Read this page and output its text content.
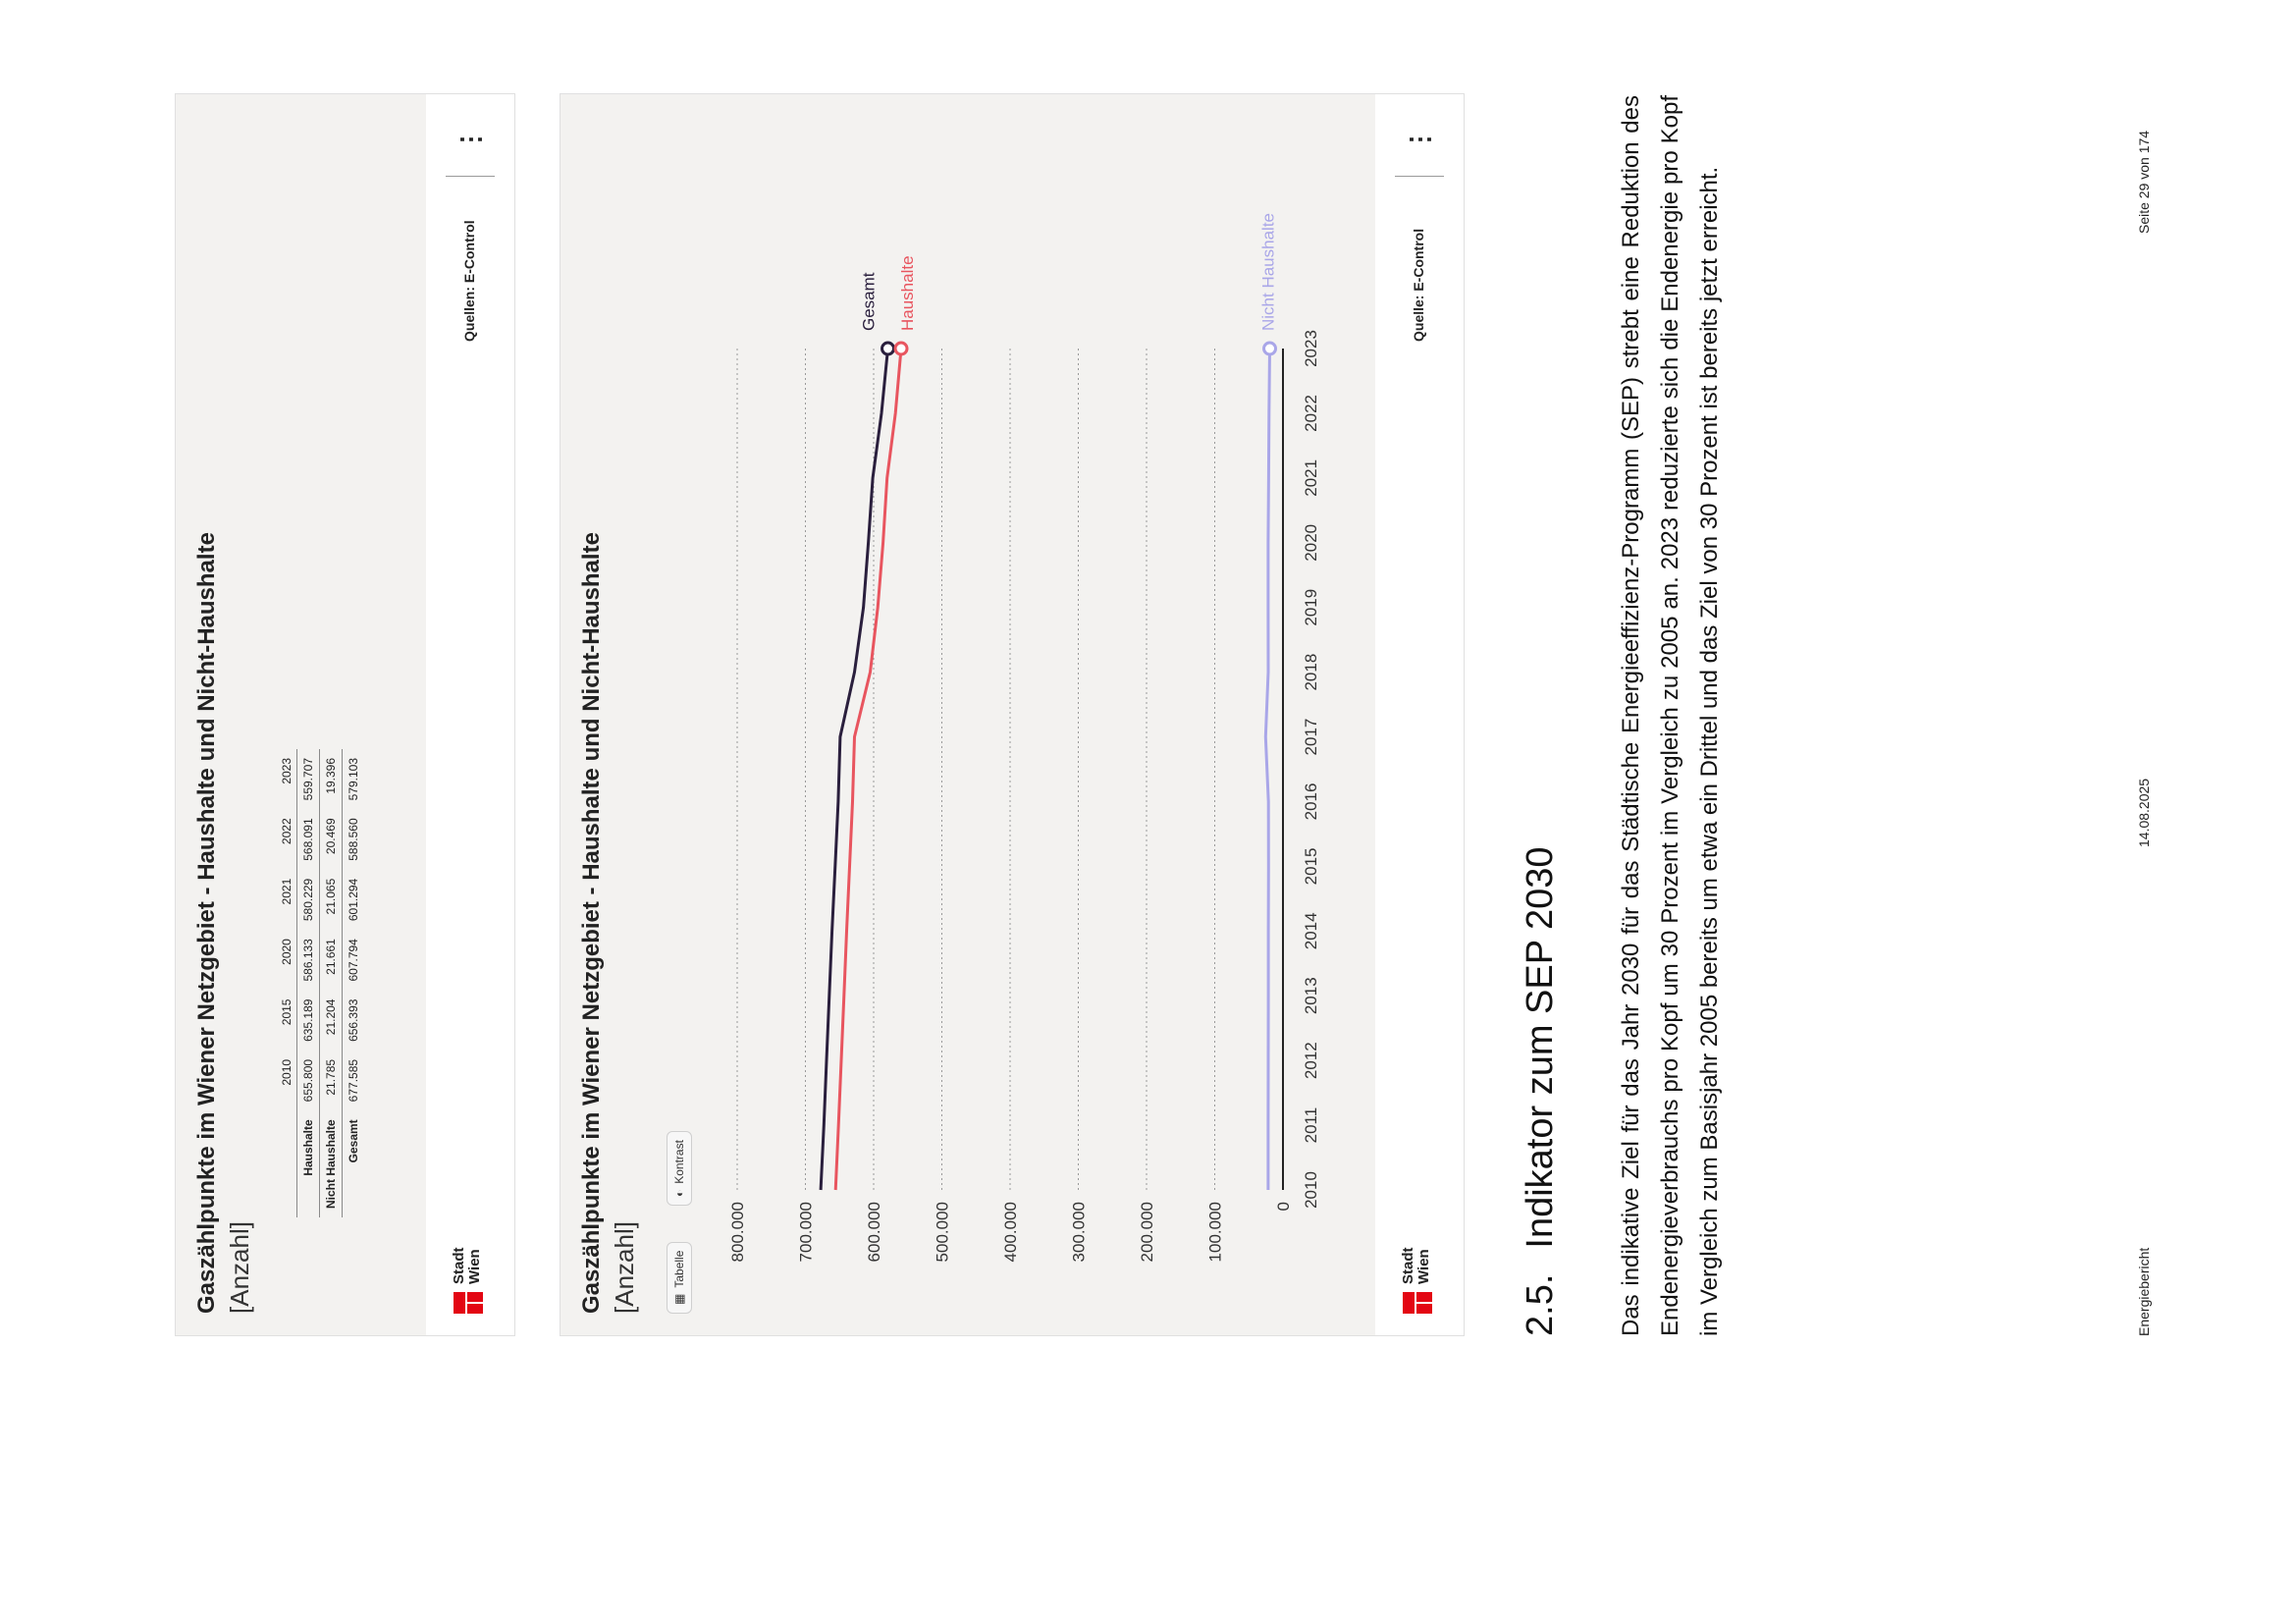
Gaszählpunkte im Wiener Netzgebiet - Haushalte und Nicht-Haushalte [Anzahl]
	2010	2015	2020	2021	2022	2023
Haushalte	655.800	635.189	586.133	580.229	568.091	559.707
Nicht Haushalte	21.785	21.204	21.661	21.065	20.469	19.396
Gesamt	677.585	656.393	607.794	601.294	588.560	579.103
Stadt Wien
Quellen: E-Control
⋮
Gaszählpunkte im Wiener Netzgebiet - Haushalte und Nicht-Haushalte [Anzahl]	▦Tabelle
◐Kontrast
0
100.000
200.000
300.000
400.000
500.000
600.000
700.000
800.000
2010
2011
2012
2013
2014
2015
2016
2017
2018
2019
2020
2021
2022
2023
Gesamt Haushalte	Nicht Haushalte
Stadt Wien
Quelle: E-Control
⋮
2.5.Indikator zum SEP 2030 Das indikative Ziel für das Jahr 2030 für das Städtische Energieeffizienz-Programm (SEP) strebt eine Reduktion des Endenergieverbrauchs pro Kopf um 30 Prozent im Vergleich zu 2005 an. 2023 reduzierte sich die Endenergie pro Kopf im Vergleich zum Basisjahr 2005 bereits um etwa ein Drittel und das Ziel von 30 Prozent ist bereits jetzt erreicht.	Energiebericht
14.08.2025
Seite 29 von 174
